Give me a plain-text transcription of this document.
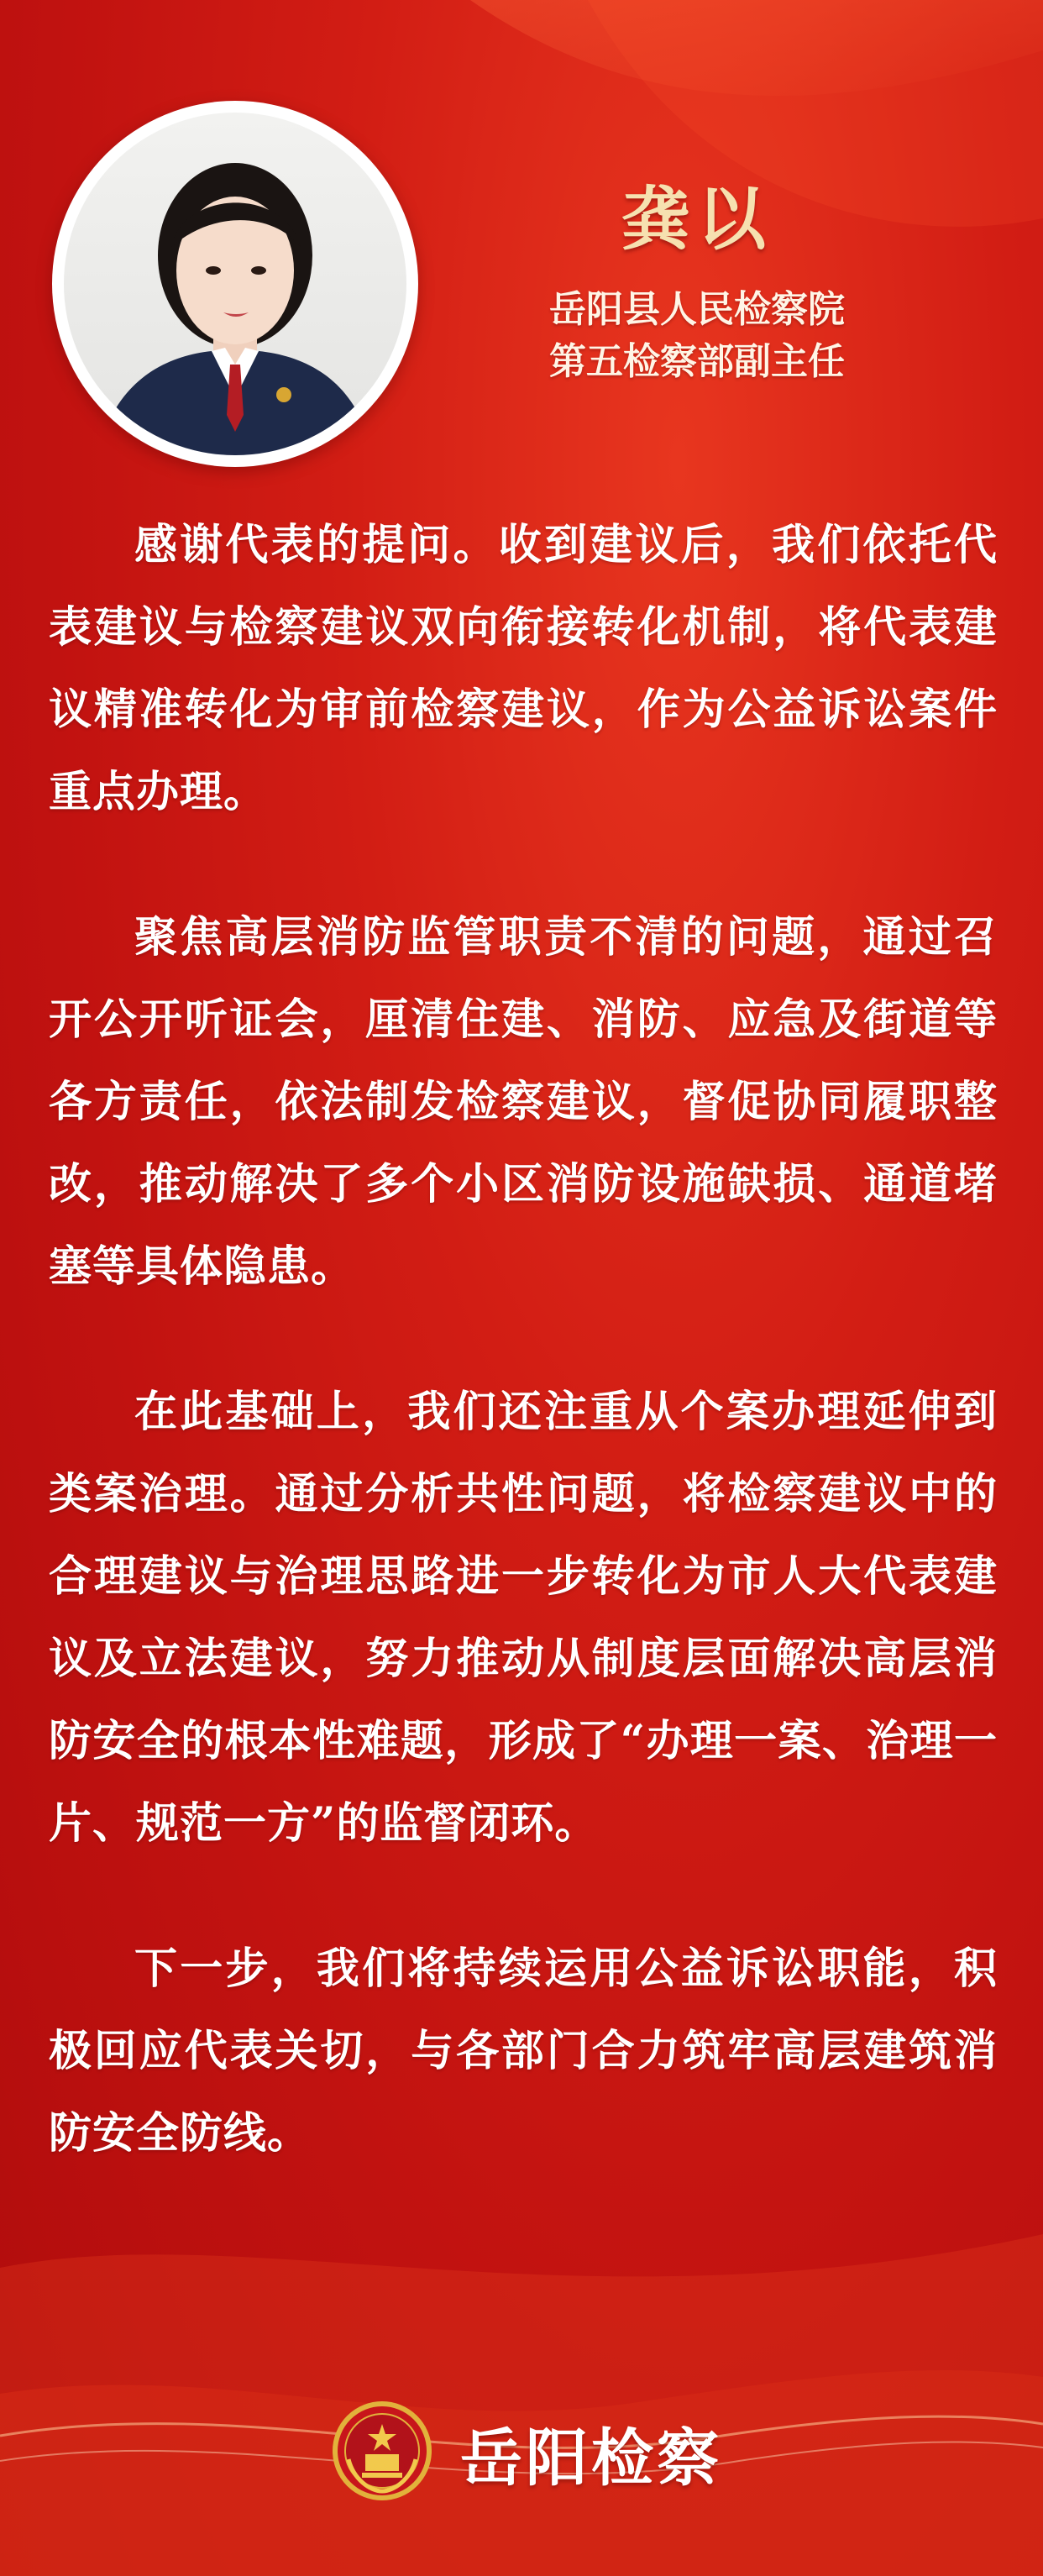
龚以
岳阳县人民检察院
第五检察部副主任

感谢代表的提问。收到建议后，我们依托代表建议与检察建议双向衔接转化机制，将代表建议精准转化为审前检察建议，作为公益诉讼案件重点办理。

聚焦高层消防监管职责不清的问题，通过召开公开听证会，厘清住建、消防、应急及街道等各方责任，依法制发检察建议，督促协同履职整改，推动解决了多个小区消防设施缺损、通道堵塞等具体隐患。

在此基础上，我们还注重从个案办理延伸到类案治理。通过分析共性问题，将检察建议中的合理建议与治理思路进一步转化为市人大代表建议及立法建议，努力推动从制度层面解决高层消防安全的根本性难题，形成了“办理一案、治理一片、规范一方”的监督闭环。

下一步，我们将持续运用公益诉讼职能，积极回应代表关切，与各部门合力筑牢高层建筑消防安全防线。

岳阳检察
